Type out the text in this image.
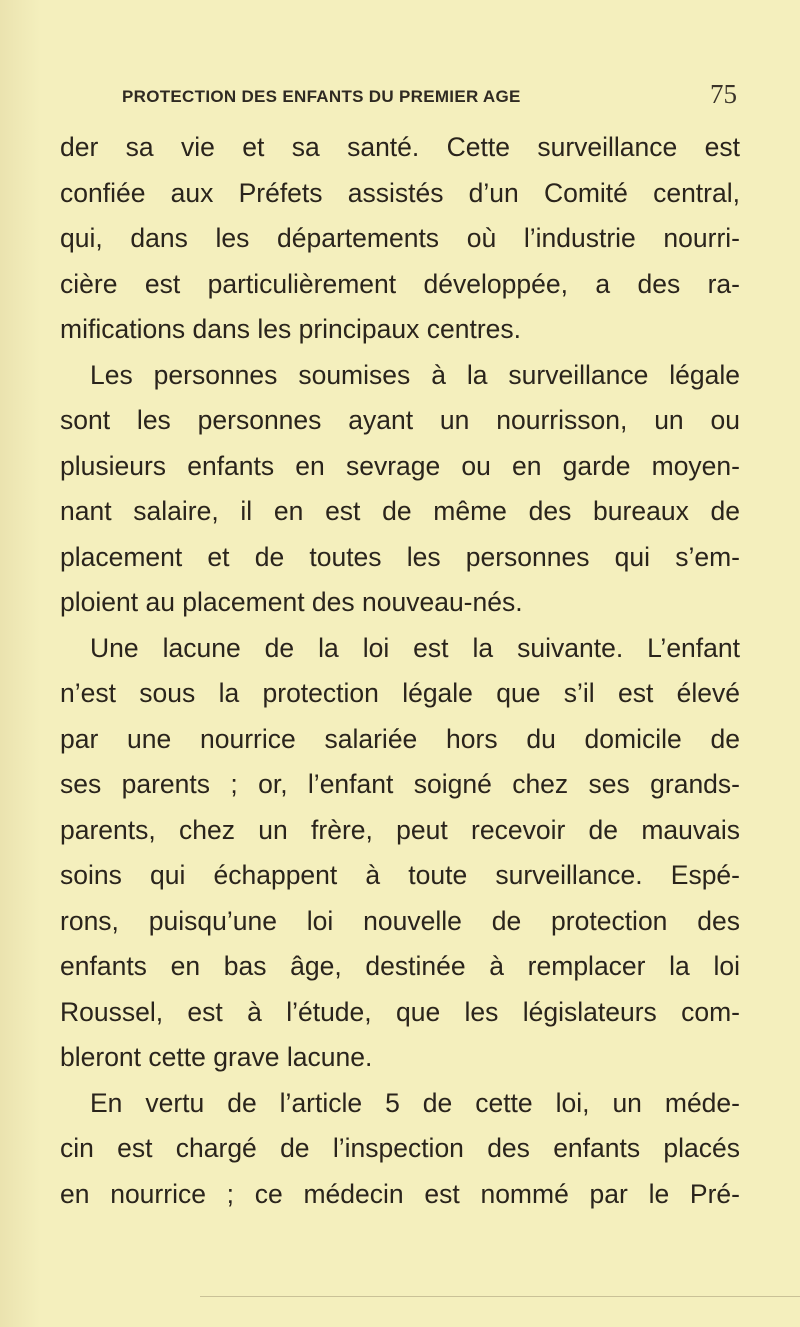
PROTECTION DES ENFANTS DU PREMIER AGE	75
der sa vie et sa santé. Cette surveillance est
confiée aux Préfets assistés d’un Comité central,
qui, dans les départements où l’industrie nourri-
cière est particulièrement développée, a des ra-
mifications dans les principaux centres.
Les personnes soumises à la surveillance légale
sont les personnes ayant un nourrisson, un ou
plusieurs enfants en sevrage ou en garde moyen-
nant salaire, il en est de même des bureaux de
placement et de toutes les personnes qui s’em-
ploient au placement des nouveau-nés.
Une lacune de la loi est la suivante. L’enfant
n’est sous la protection légale que s’il est élevé
par une nourrice salariée hors du domicile de
ses parents ; or, l’enfant soigné chez ses grands-
parents, chez un frère, peut recevoir de mauvais
soins qui échappent à toute surveillance. Espé-
rons, puisqu’une loi nouvelle de protection des
enfants en bas âge, destinée à remplacer la loi
Roussel, est à l’étude, que les législateurs com-
bleront cette grave lacune.
En vertu de l’article 5 de cette loi, un méde-
cin est chargé de l’inspection des enfants placés
en nourrice ; ce médecin est nommé par le Pré-
